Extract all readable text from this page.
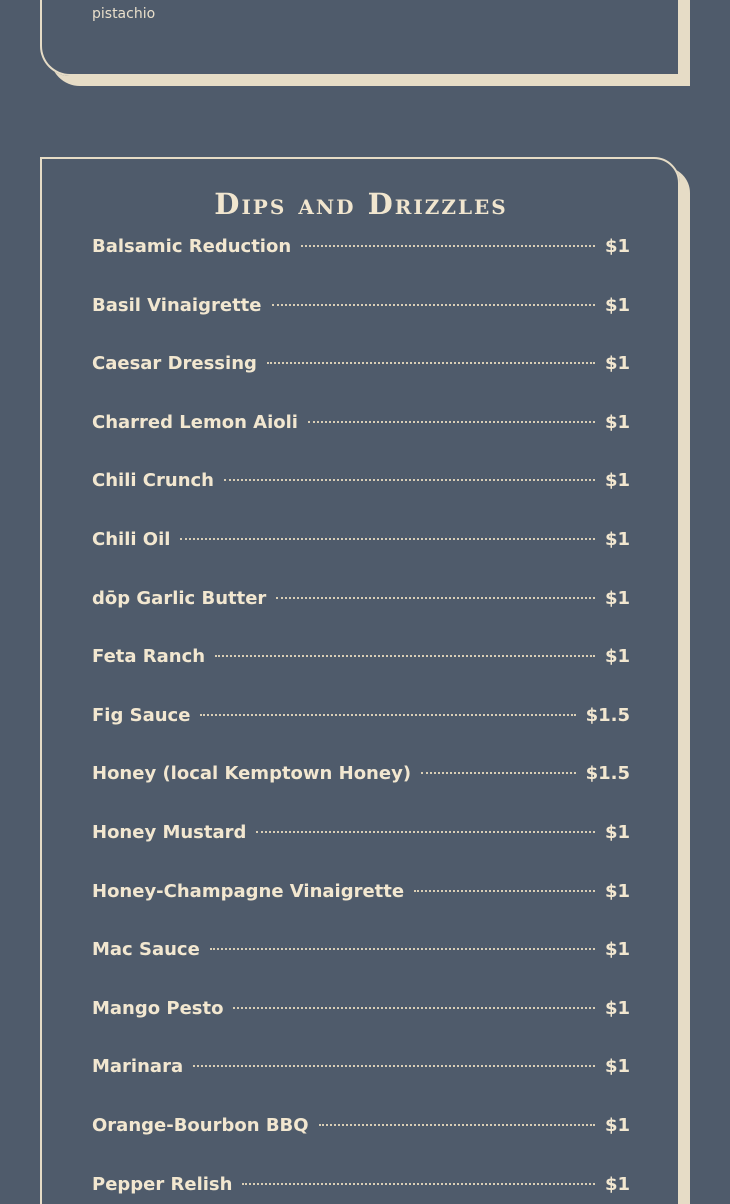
pistachio
Dips and Drizzles
Balsamic Reduction	$1
Basil Vinaigrette	$1
Caesar Dressing	$1
Charred Lemon Aioli	$1
Chili Crunch	$1
Chili Oil	$1
dōp Garlic Butter	$1
Feta Ranch	$1
Fig Sauce	$1.5
Honey (local Kemptown Honey)	$1.5
Honey Mustard	$1
Honey-Champagne Vinaigrette	$1
Mac Sauce	$1
Mango Pesto	$1
Marinara	$1
Orange-Bourbon BBQ	$1
Pepper Relish	$1
